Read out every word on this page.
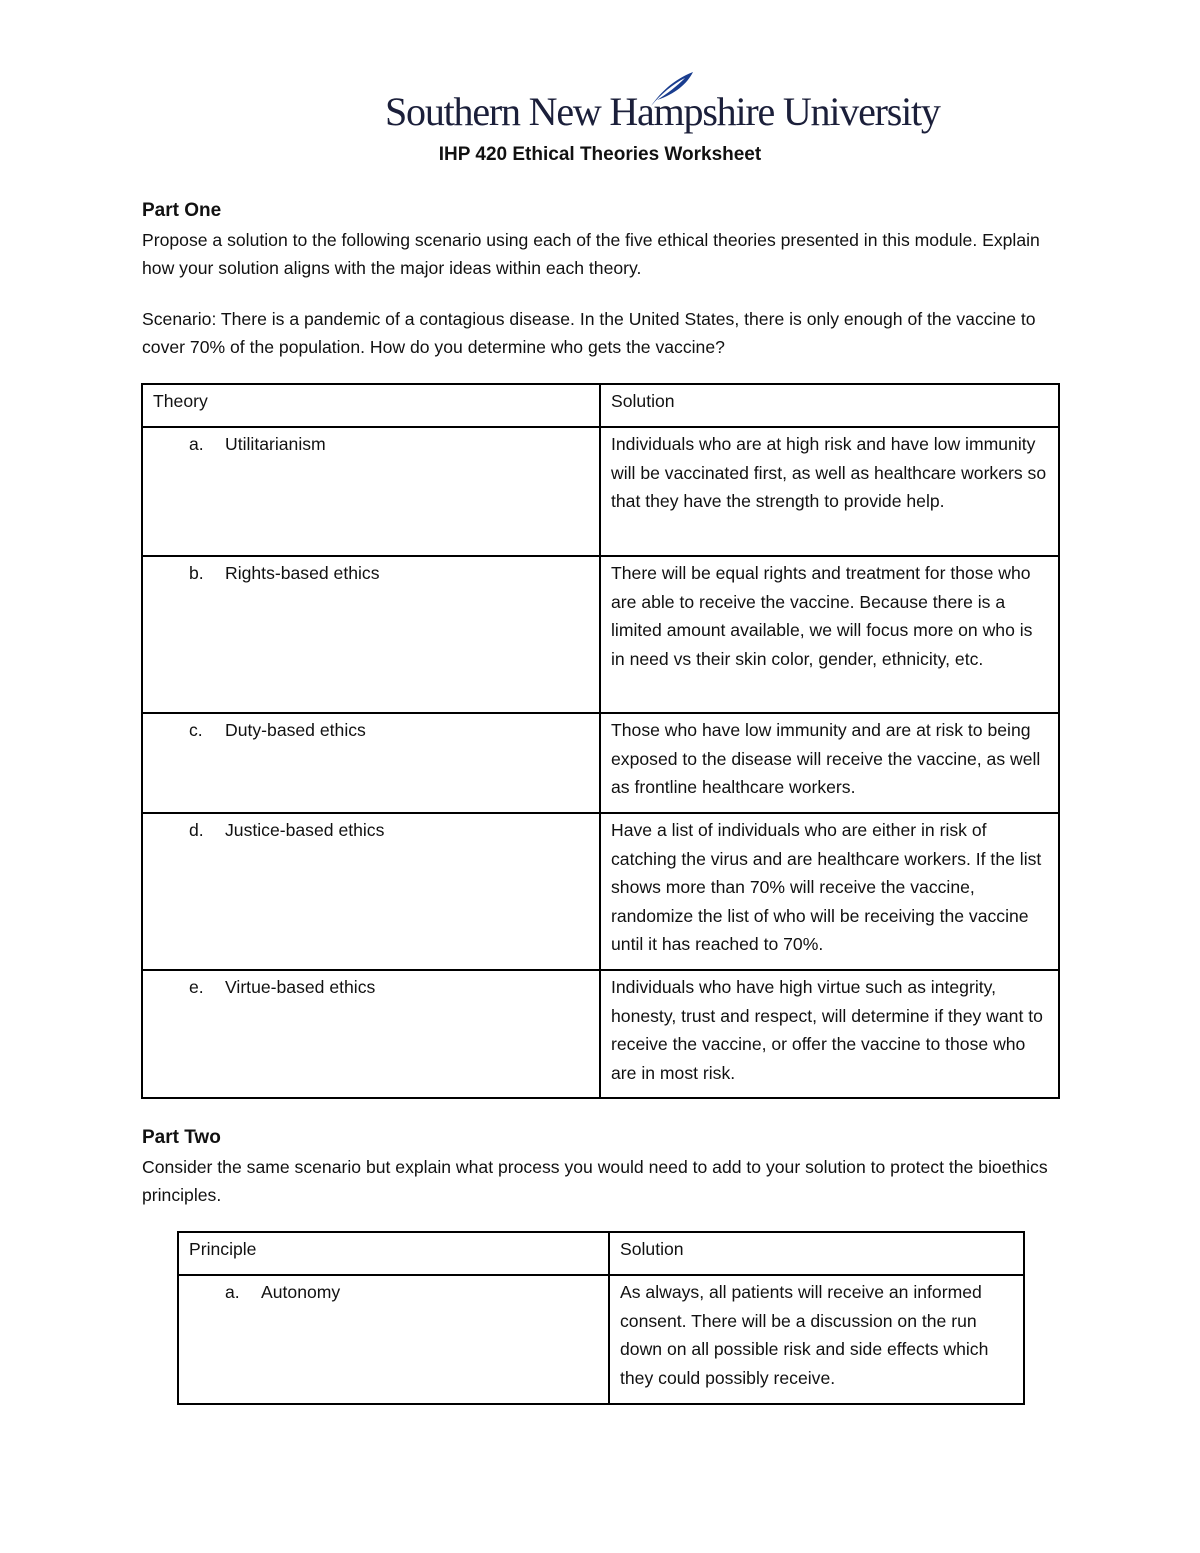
Southern New Hampshire University
IHP 420 Ethical Theories Worksheet
Part One
Propose a solution to the following scenario using each of the five ethical theories presented in this module. Explain how your solution aligns with the major ideas within each theory.
Scenario: There is a pandemic of a contagious disease. In the United States, there is only enough of the vaccine to cover 70% of the population. How do you determine who gets the vaccine?
Theory	Solution
a. Utilitarianism	Individuals who are at high risk and have low immunity will be vaccinated first, as well as healthcare workers so that they have the strength to provide help.
b. Rights-based ethics	There will be equal rights and treatment for those who are able to receive the vaccine. Because there is a limited amount available, we will focus more on who is in need vs their skin color, gender, ethnicity, etc.
c. Duty-based ethics	Those who have low immunity and are at risk to being exposed to the disease will receive the vaccine, as well as frontline healthcare workers.
d. Justice-based ethics	Have a list of individuals who are either in risk of catching the virus and are healthcare workers. If the list shows more than 70% will receive the vaccine, randomize the list of who will be receiving the vaccine until it has reached to 70%.
e. Virtue-based ethics	Individuals who have high virtue such as integrity, honesty, trust and respect, will determine if they want to receive the vaccine, or offer the vaccine to those who are in most risk.
Part Two
Consider the same scenario but explain what process you would need to add to your solution to protect the bioethics principles.
Principle	Solution
a. Autonomy	As always, all patients will receive an informed consent. There will be a discussion on the run down on all possible risk and side effects which they could possibly receive.
